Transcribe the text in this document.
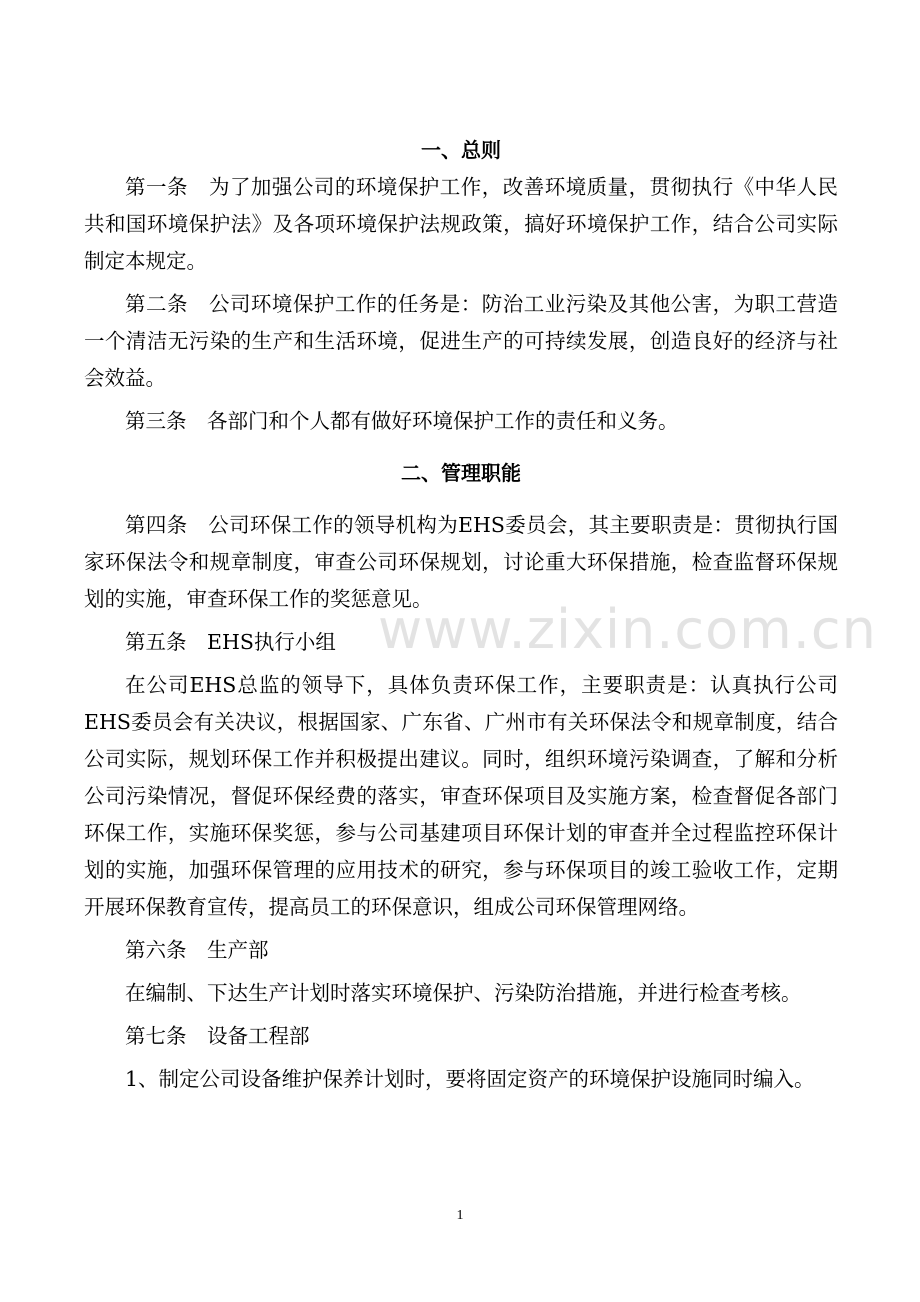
www.zixin.com.cn
一、总则

第一条 为了加强公司的环境保护工作，改善环境质量，贯彻执行《中华人民共和国环境保护法》及各项环境保护法规政策，搞好环境保护工作，结合公司实际制定本规定。

第二条 公司环境保护工作的任务是：防治工业污染及其他公害，为职工营造一个清洁无污染的生产和生活环境，促进生产的可持续发展，创造良好的经济与社会效益。

第三条 各部门和个人都有做好环境保护工作的责任和义务。

二、管理职能

第四条 公司环保工作的领导机构为EHS委员会，其主要职责是：贯彻执行国家环保法令和规章制度，审查公司环保规划，讨论重大环保措施，检查监督环保规划的实施，审查环保工作的奖惩意见。

第五条 EHS执行小组

在公司EHS总监的领导下，具体负责环保工作，主要职责是：认真执行公司EHS委员会有关决议，根据国家、广东省、广州市有关环保法令和规章制度，结合公司实际，规划环保工作并积极提出建议。同时，组织环境污染调查，了解和分析公司污染情况，督促环保经费的落实，审查环保项目及实施方案，检查督促各部门环保工作，实施环保奖惩，参与公司基建项目环保计划的审查并全过程监控环保计划的实施，加强环保管理的应用技术的研究，参与环保项目的竣工验收工作，定期开展环保教育宣传，提高员工的环保意识，组成公司环保管理网络。

第六条 生产部

在编制、下达生产计划时落实环境保护、污染防治措施，并进行检查考核。

第七条 设备工程部

1、制定公司设备维护保养计划时，要将固定资产的环境保护设施同时编入。

1
